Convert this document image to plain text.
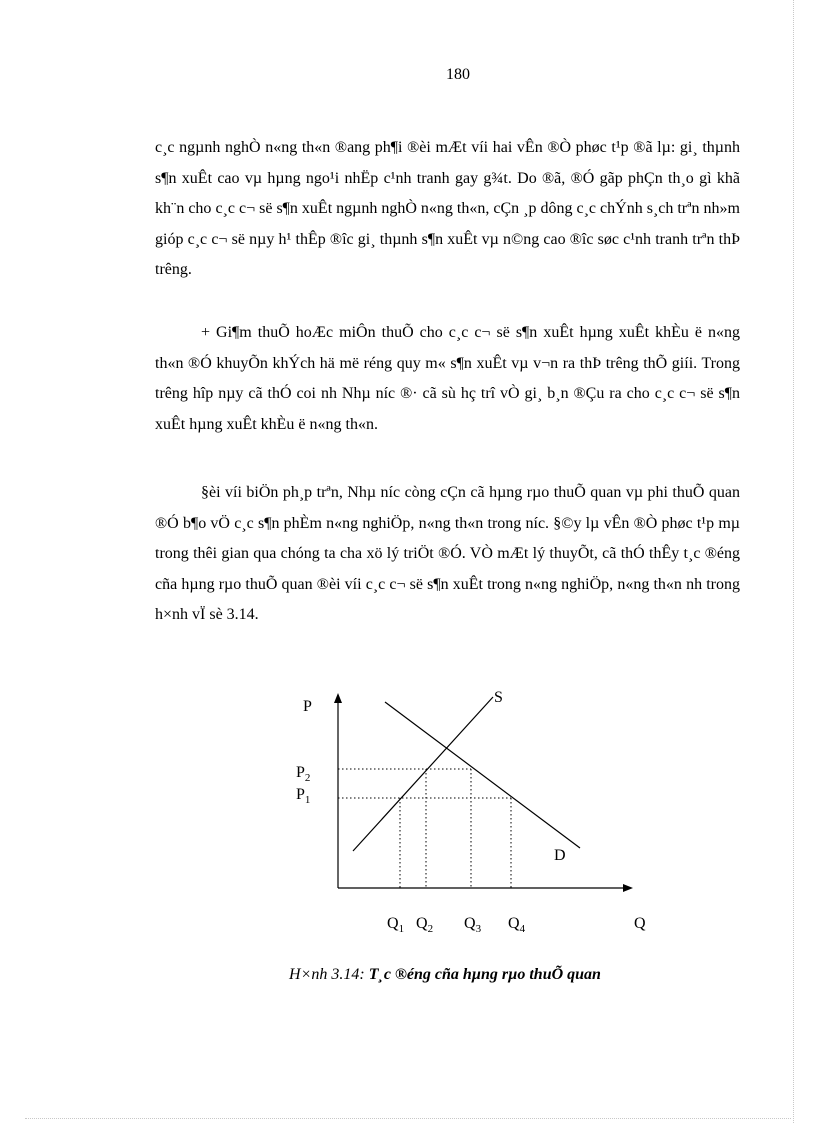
180

c¸c ngµnh nghÒ n«ng th«n ®ang ph¶i ®èi mÆt víi hai vÊn ®Ò phøc t¹p ®ã lµ: gi¸ thµnh s¶n xuÊt cao vµ hµng ngo¹i nhËp c¹nh tranh gay g¾t. Do ®ã, ®Ó gãp phÇn th¸o gì khã kh¨n cho c¸c c¬ së s¶n xuÊt ngµnh nghÒ n«ng th«n, cÇn ¸p dông c¸c chÝnh s¸ch trªn nh»m gióp c¸c c¬ së nµy h¹ thÊp ®îc gi¸ thµnh s¶n xuÊt vµ n©ng cao ®îc søc c¹nh tranh trªn thÞ trêng.

+ Gi¶m thuÕ hoÆc miÔn thuÕ cho c¸c c¬ së s¶n xuÊt hµng xuÊt khÈu ë n«ng th«n ®Ó khuyÕn khÝch hä më réng quy m« s¶n xuÊt vµ v¬n ra thÞ trêng thÕ giíi. Trong trêng hîp nµy cã thÓ coi nh Nhµ níc ®· cã sù hç trî vÒ gi¸ b¸n ®Çu ra cho c¸c c¬ së s¶n xuÊt hµng xuÊt khÈu ë n«ng th«n.

§èi víi biÖn ph¸p trªn, Nhµ níc còng cÇn cã hµng rµo thuÕ quan vµ phi thuÕ quan ®Ó b¶o vÖ c¸c s¶n phÈm n«ng nghiÖp, n«ng th«n trong níc. §©y lµ vÊn ®Ò phøc t¹p mµ trong thêi gian qua chóng ta cha xö lý triÖt ®Ó. VÒ mÆt lý thuyÕt, cã thÓ thÊy t¸c ®éng cña hµng rµo thuÕ quan ®èi víi c¸c c¬ së s¶n xuÊt trong n«ng nghiÖp, n«ng th«n nh trong h×nh vÏ sè 3.14.

P
S
D
$P_2$
$P_1$
$Q_1$ $Q_2$ $Q_3$ $Q_4$	Q
H×nh 3.14: T¸c ®éng cña hµng rµo thuÕ quan
